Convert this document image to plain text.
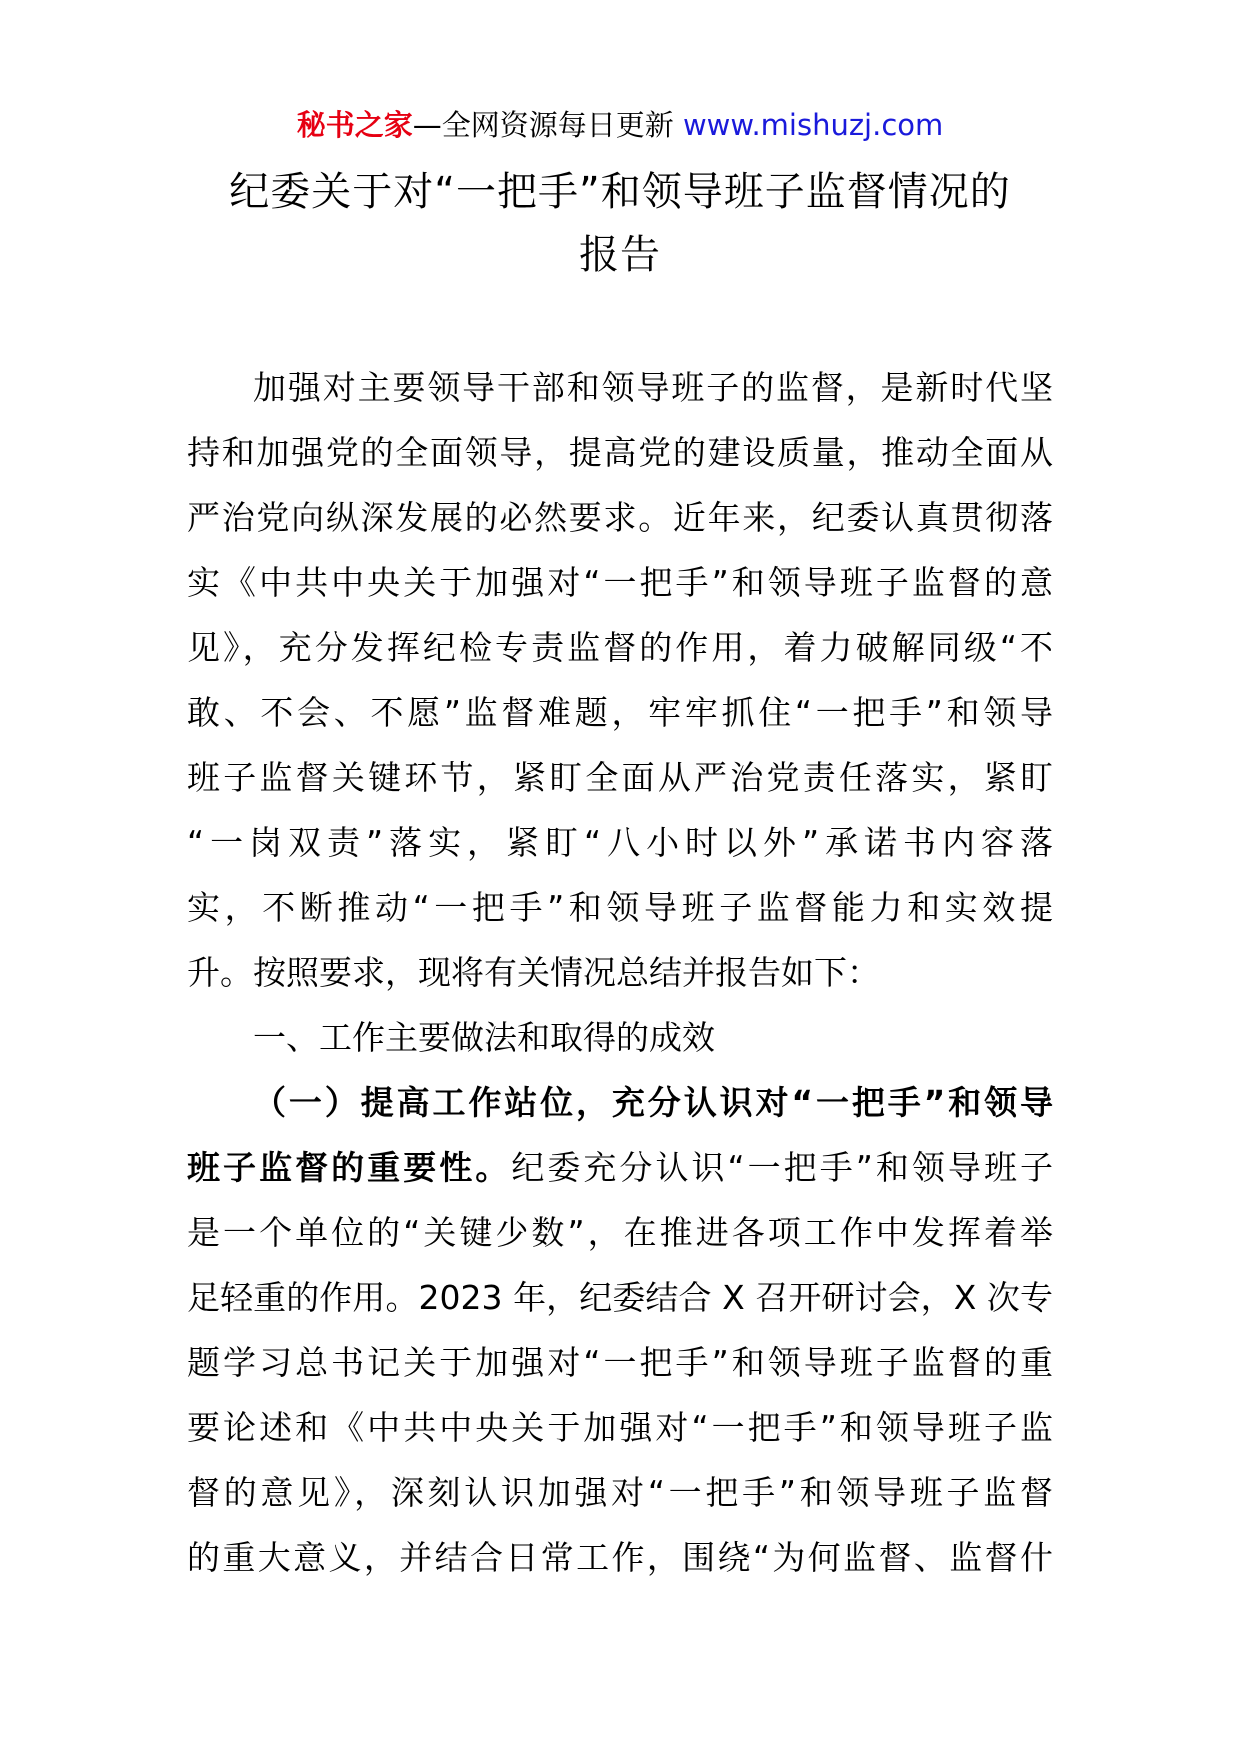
秘书之家—全网资源每日更新 www.mishuzj.com
纪委关于对“一把手”和领导班子监督情况的
报告
加强对主要领导干部和领导班子的监督，是新时代坚
持和加强党的全面领导，提高党的建设质量，推动全面从
严治党向纵深发展的必然要求。近年来，纪委认真贯彻落
实《中共中央关于加强对“一把手”和领导班子监督的意
见》，充分发挥纪检专责监督的作用，着力破解同级“不
敢、不会、不愿”监督难题，牢牢抓住“一把手”和领导
班子监督关键环节，紧盯全面从严治党责任落实，紧盯
“一岗双责”落实，紧盯“八小时以外”承诺书内容落
实，不断推动“一把手”和领导班子监督能力和实效提
升。按照要求，现将有关情况总结并报告如下：
一、工作主要做法和取得的成效
（一）提高工作站位，充分认识对“一把手”和领导
班子监督的重要性。纪委充分认识“一把手”和领导班子
是一个单位的“关键少数”，在推进各项工作中发挥着举
足轻重的作用。2023 年，纪委结合 X 召开研讨会，X 次专
题学习总书记关于加强对“一把手”和领导班子监督的重
要论述和《中共中央关于加强对“一把手”和领导班子监
督的意见》，深刻认识加强对“一把手”和领导班子监督
的重大意义，并结合日常工作，围绕“为何监督、监督什
